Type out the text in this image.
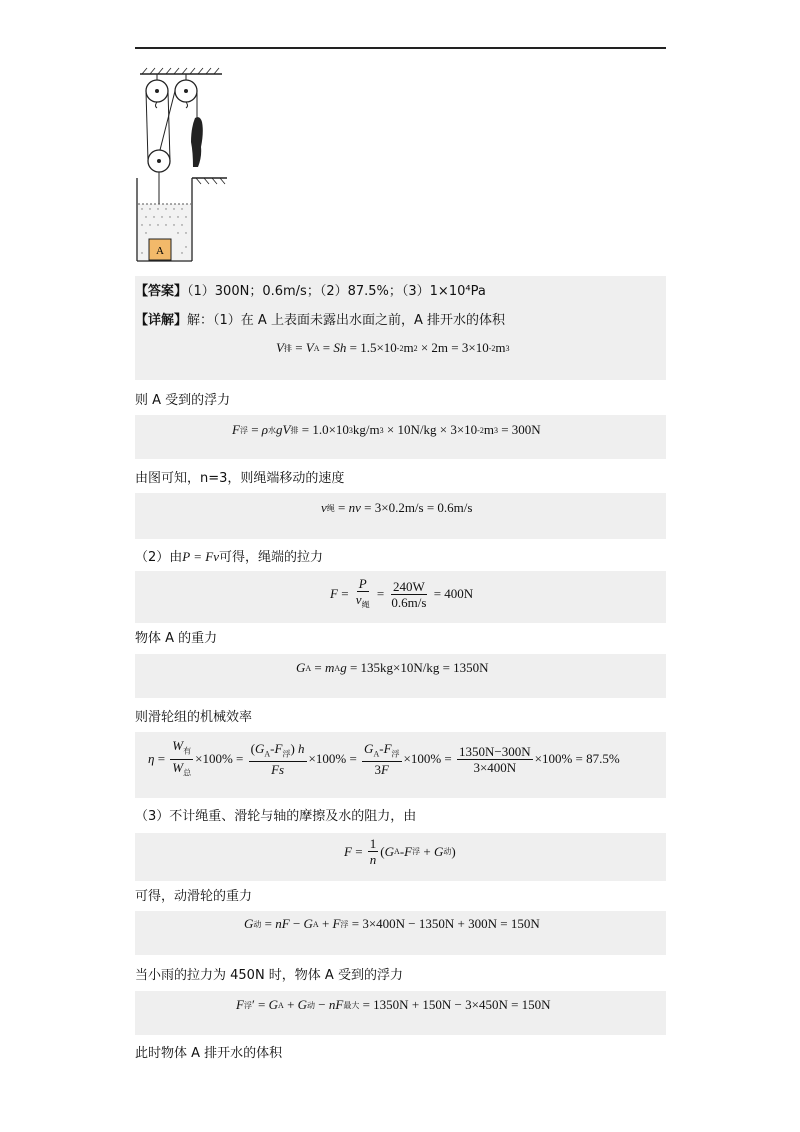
A
【答案】（1）300N；0.6m/s；（2）87.5%；（3）1×10⁴Pa
【详解】解：（1）在 A 上表面未露出水面之前，A 排开水的体积
V 排 = V A = Sh = 1.5×10 -2 m 2 × 2m = 3×10 -2 m 3
则 A 受到的浮力
F 浮 = ρ 水 gV 排 = 1.0×10 3 kg/m 3 × 10N/kg × 3×10 -2 m 3 = 300N
由图可知，n=3，则绳端移动的速度
v 绳 = nv = 3×0.2m/s = 0.6m/s
（2）由P = Fv可得，绳端的拉力
$F = \frac{P}{v_绳} = \frac{240W}{0.6m/s} = 400N$
物体 A 的重力
G A = m A g = 135kg×10N/kg = 1350N
则滑轮组的机械效率
$\eta = \frac{W_有}{W_总} \times 100\% = \frac{(G_A-F_浮) h}{Fs} \times 100\% = \frac{G_A-F_浮}{3F} \times 100\% = \frac{1350N-300N}{3\times 400N} \times 100\% = 87.5\%$
（3）不计绳重、滑轮与轴的摩擦及水的阻力，由
$F = \frac{1}{n}$ ( G A - F 浮 + G 动 )
可得，动滑轮的重力
G 动 = nF − G A + F 浮 = 3×400N − 1350N + 300N = 150N
当小雨的拉力为 450N 时，物体 A 受到的浮力
F 浮 ′ = G A + G 动 − nF 最大 = 1350N + 150N − 3×450N = 150N
此时物体 A 排开水的体积
